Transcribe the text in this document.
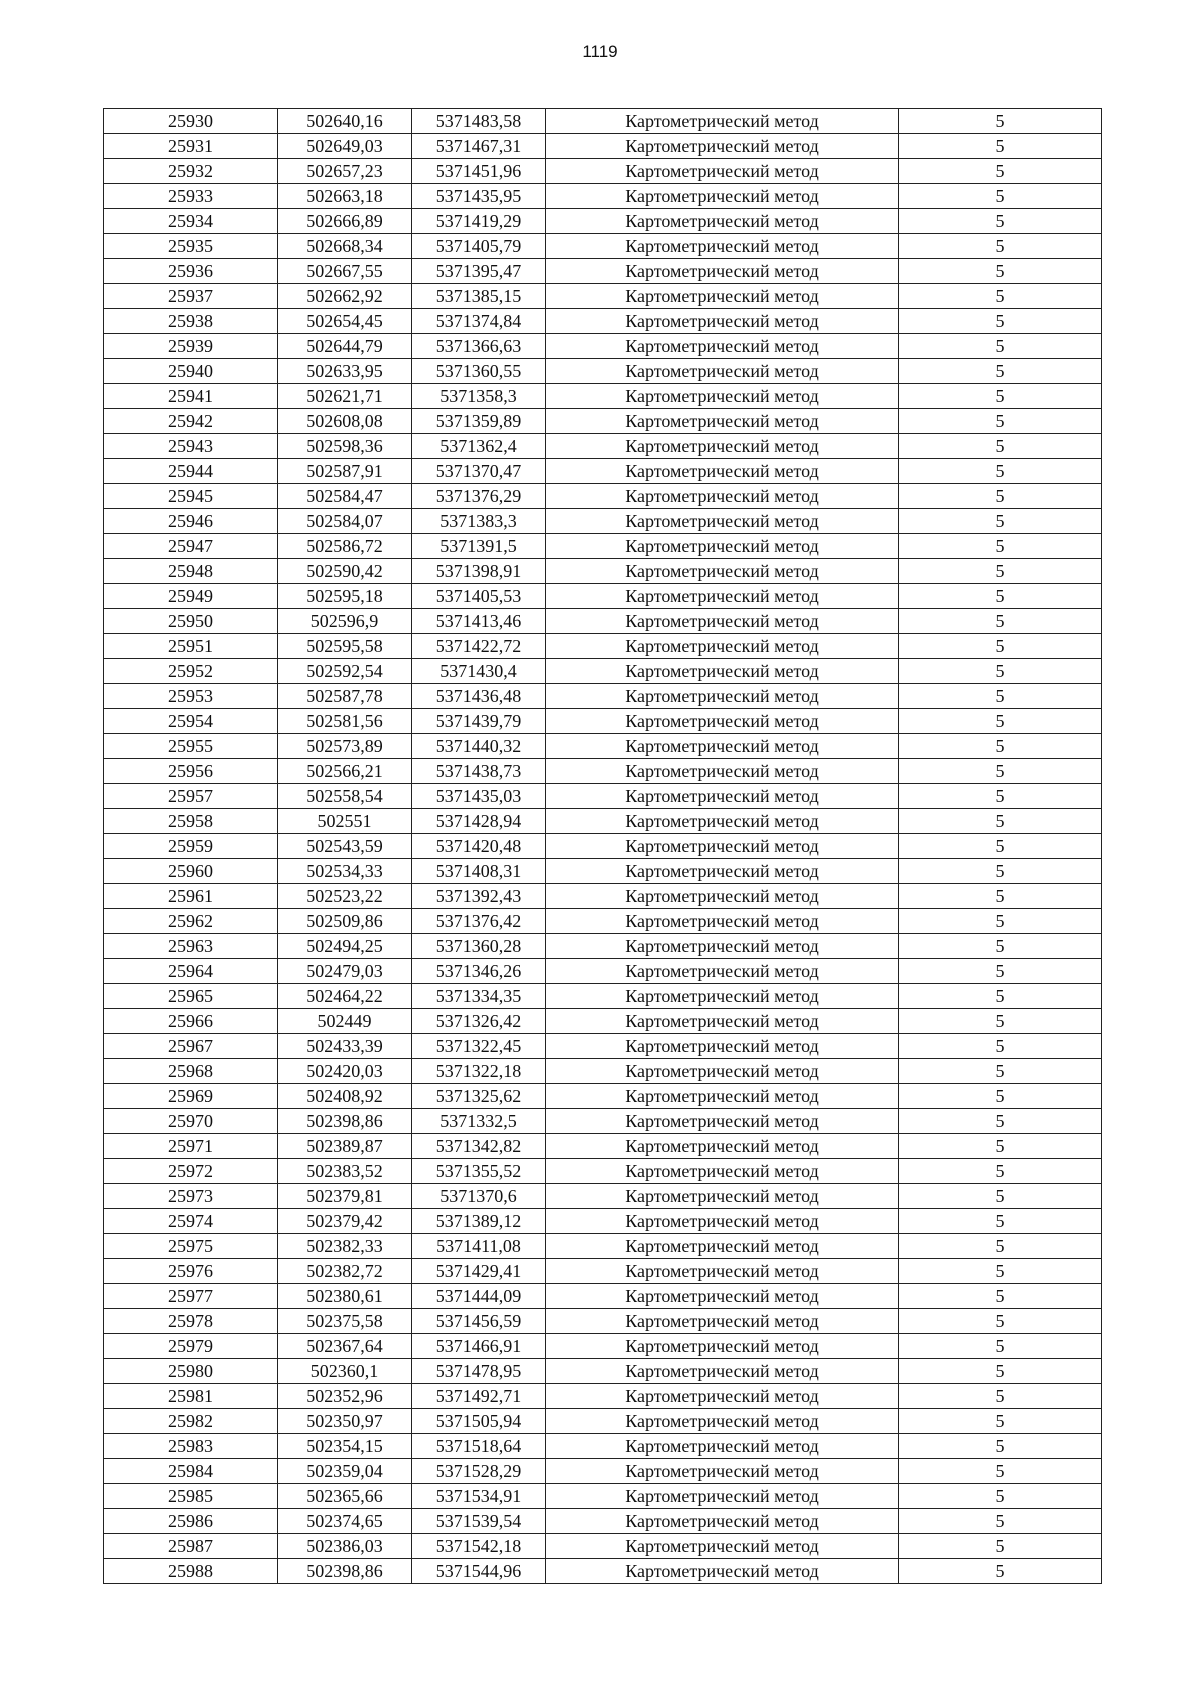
1119
25930	502640,16	5371483,58	Картометрический метод	5
25931	502649,03	5371467,31	Картометрический метод	5
25932	502657,23	5371451,96	Картометрический метод	5
25933	502663,18	5371435,95	Картометрический метод	5
25934	502666,89	5371419,29	Картометрический метод	5
25935	502668,34	5371405,79	Картометрический метод	5
25936	502667,55	5371395,47	Картометрический метод	5
25937	502662,92	5371385,15	Картометрический метод	5
25938	502654,45	5371374,84	Картометрический метод	5
25939	502644,79	5371366,63	Картометрический метод	5
25940	502633,95	5371360,55	Картометрический метод	5
25941	502621,71	5371358,3	Картометрический метод	5
25942	502608,08	5371359,89	Картометрический метод	5
25943	502598,36	5371362,4	Картометрический метод	5
25944	502587,91	5371370,47	Картометрический метод	5
25945	502584,47	5371376,29	Картометрический метод	5
25946	502584,07	5371383,3	Картометрический метод	5
25947	502586,72	5371391,5	Картометрический метод	5
25948	502590,42	5371398,91	Картометрический метод	5
25949	502595,18	5371405,53	Картометрический метод	5
25950	502596,9	5371413,46	Картометрический метод	5
25951	502595,58	5371422,72	Картометрический метод	5
25952	502592,54	5371430,4	Картометрический метод	5
25953	502587,78	5371436,48	Картометрический метод	5
25954	502581,56	5371439,79	Картометрический метод	5
25955	502573,89	5371440,32	Картометрический метод	5
25956	502566,21	5371438,73	Картометрический метод	5
25957	502558,54	5371435,03	Картометрический метод	5
25958	502551	5371428,94	Картометрический метод	5
25959	502543,59	5371420,48	Картометрический метод	5
25960	502534,33	5371408,31	Картометрический метод	5
25961	502523,22	5371392,43	Картометрический метод	5
25962	502509,86	5371376,42	Картометрический метод	5
25963	502494,25	5371360,28	Картометрический метод	5
25964	502479,03	5371346,26	Картометрический метод	5
25965	502464,22	5371334,35	Картометрический метод	5
25966	502449	5371326,42	Картометрический метод	5
25967	502433,39	5371322,45	Картометрический метод	5
25968	502420,03	5371322,18	Картометрический метод	5
25969	502408,92	5371325,62	Картометрический метод	5
25970	502398,86	5371332,5	Картометрический метод	5
25971	502389,87	5371342,82	Картометрический метод	5
25972	502383,52	5371355,52	Картометрический метод	5
25973	502379,81	5371370,6	Картометрический метод	5
25974	502379,42	5371389,12	Картометрический метод	5
25975	502382,33	5371411,08	Картометрический метод	5
25976	502382,72	5371429,41	Картометрический метод	5
25977	502380,61	5371444,09	Картометрический метод	5
25978	502375,58	5371456,59	Картометрический метод	5
25979	502367,64	5371466,91	Картометрический метод	5
25980	502360,1	5371478,95	Картометрический метод	5
25981	502352,96	5371492,71	Картометрический метод	5
25982	502350,97	5371505,94	Картометрический метод	5
25983	502354,15	5371518,64	Картометрический метод	5
25984	502359,04	5371528,29	Картометрический метод	5
25985	502365,66	5371534,91	Картометрический метод	5
25986	502374,65	5371539,54	Картометрический метод	5
25987	502386,03	5371542,18	Картометрический метод	5
25988	502398,86	5371544,96	Картометрический метод	5
